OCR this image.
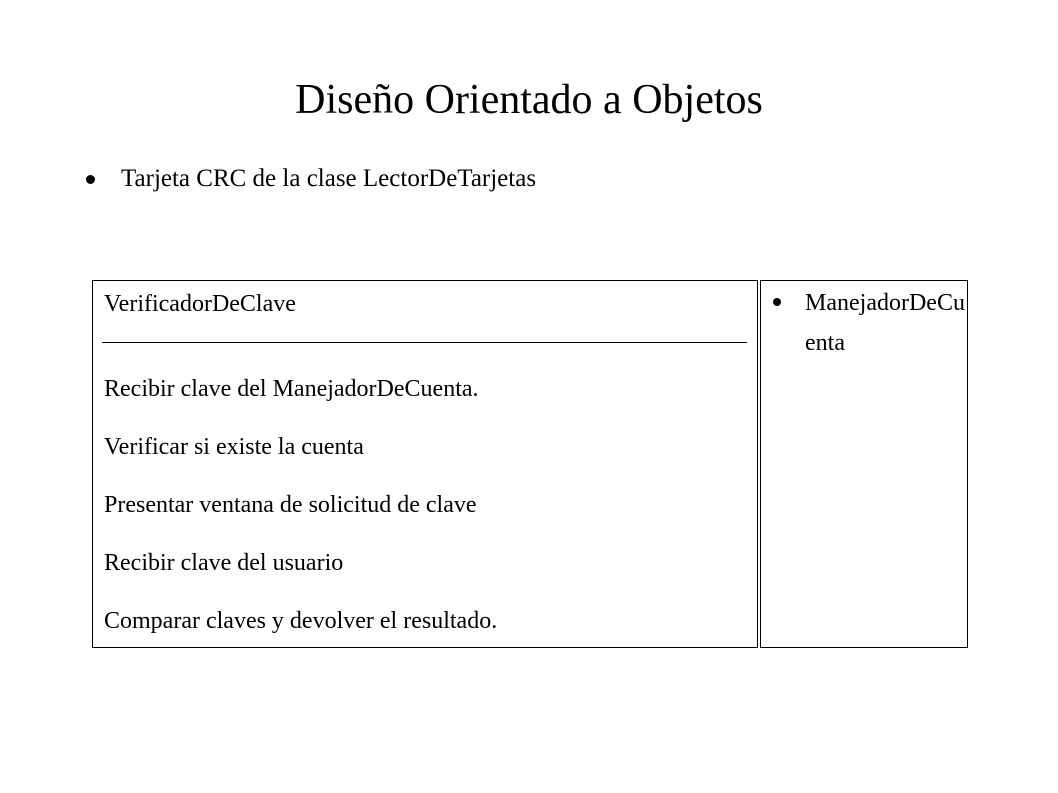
Diseño Orientado a Objetos
Tarjeta CRC de la clase LectorDeTarjetas
VerificadorDeClave
Recibir clave del ManejadorDeCuenta.
Verificar si existe la cuenta
Presentar ventana de solicitud de clave
Recibir clave del usuario
Comparar claves y devolver el resultado.
ManejadorDeCuenta
